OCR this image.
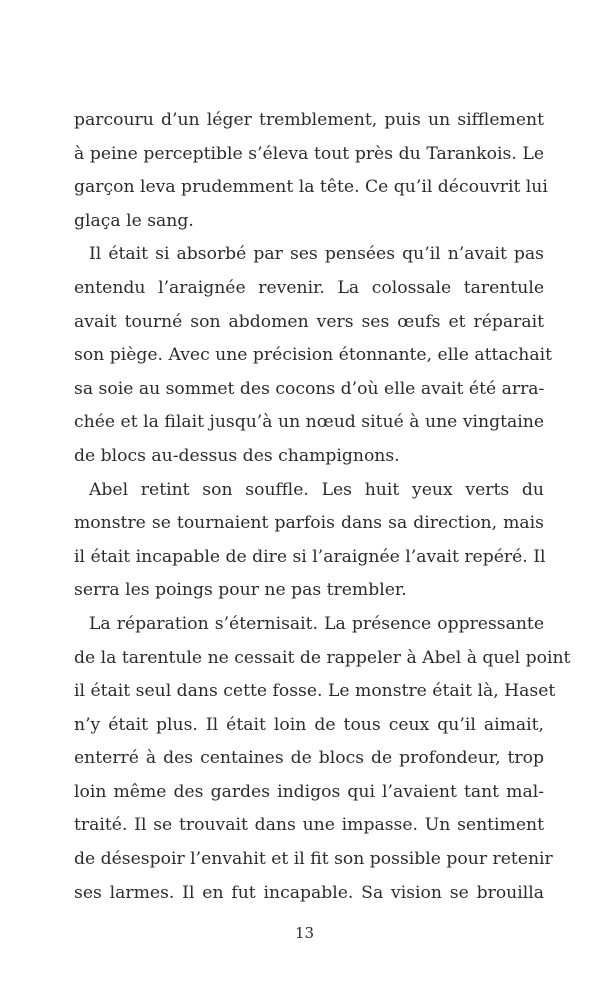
parcouru d’un léger tremblement, puis un sifflement
à peine perceptible s’éleva tout près du Tarankois. Le
garçon leva prudemment la tête. Ce qu’il découvrit lui
glaça le sang.
Il était si absorbé par ses pensées qu’il n’avait pas
entendu l’araignée revenir. La colossale tarentule
avait tourné son abdomen vers ses œufs et réparait
son piège. Avec une précision étonnante, elle attachait
sa soie au sommet des cocons d’où elle avait été arra-
chée et la filait jusqu’à un nœud situé à une vingtaine
de blocs au-dessus des champignons.
Abel retint son souffle. Les huit yeux verts du
monstre se tournaient parfois dans sa direction, mais
il était incapable de dire si l’araignée l’avait repéré. Il
serra les poings pour ne pas trembler.
La réparation s’éternisait. La présence oppressante
de la tarentule ne cessait de rappeler à Abel à quel point
il était seul dans cette fosse. Le monstre était là, Haset
n’y était plus. Il était loin de tous ceux qu’il aimait,
enterré à des centaines de blocs de profondeur, trop
loin même des gardes indigos qui l’avaient tant mal-
traité. Il se trouvait dans une impasse. Un sentiment
de désespoir l’envahit et il fit son possible pour retenir
ses larmes. Il en fut incapable. Sa vision se brouilla
13
